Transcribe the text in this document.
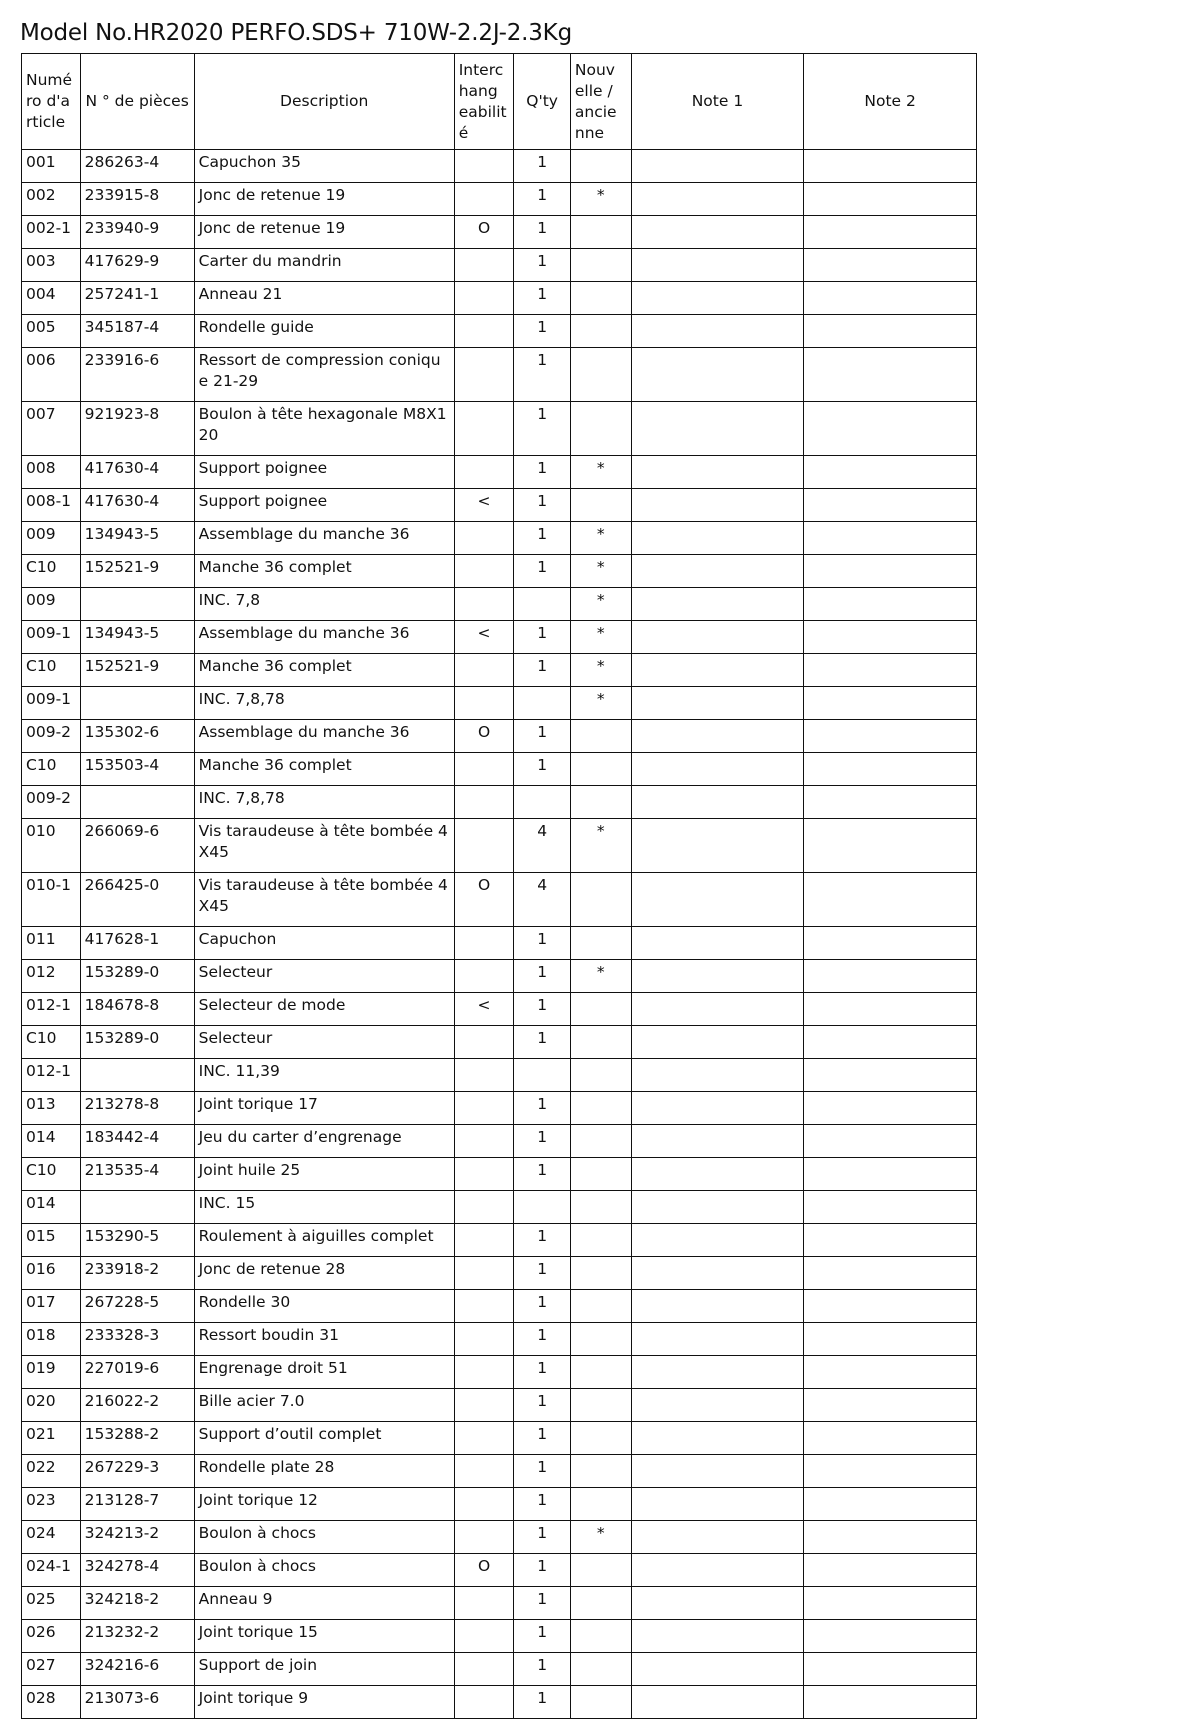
Model No.HR2020 PERFO.SDS+ 710W-2.2J-2.3Kg
Numé ro d'a rticle	N ° de pièces	Description	Interc hang eabilit é	Q'ty	Nouv elle / ancie nne	Note 1	Note 2
001	286263-4	Capuchon 35		1			
002	233915-8	Jonc de retenue 19		1	*		
002-1	233940-9	Jonc de retenue 19	O	1			
003	417629-9	Carter du mandrin		1			
004	257241-1	Anneau 21		1			
005	345187-4	Rondelle guide		1			
006	233916-6	Ressort de compression conique 21-29		1			
007	921923-8	Boulon à tête hexagonale M8X120		1			
008	417630-4	Support poignee		1	*		
008-1	417630-4	Support poignee	<	1			
009	134943-5	Assemblage du manche 36		1	*		
C10	152521-9	Manche 36 complet		1	*		
009		INC. 7,8			*		
009-1	134943-5	Assemblage du manche 36	<	1	*		
C10	152521-9	Manche 36 complet		1	*		
009-1		INC. 7,8,78			*		
009-2	135302-6	Assemblage du manche 36	O	1			
C10	153503-4	Manche 36 complet		1			
009-2		INC. 7,8,78					
010	266069-6	Vis taraudeuse à tête bombée 4X45		4	*		
010-1	266425-0	Vis taraudeuse à tête bombée 4X45	O	4			
011	417628-1	Capuchon		1			
012	153289-0	Selecteur		1	*		
012-1	184678-8	Selecteur de mode	<	1			
C10	153289-0	Selecteur		1			
012-1		INC. 11,39					
013	213278-8	Joint torique 17		1			
014	183442-4	Jeu du carter d’engrenage		1			
C10	213535-4	Joint huile 25		1			
014		INC. 15					
015	153290-5	Roulement à aiguilles complet		1			
016	233918-2	Jonc de retenue 28		1			
017	267228-5	Rondelle 30		1			
018	233328-3	Ressort boudin 31		1			
019	227019-6	Engrenage droit 51		1			
020	216022-2	Bille acier 7.0		1			
021	153288-2	Support d’outil complet		1			
022	267229-3	Rondelle plate 28		1			
023	213128-7	Joint torique 12		1			
024	324213-2	Boulon à chocs		1	*		
024-1	324278-4	Boulon à chocs	O	1			
025	324218-2	Anneau 9		1			
026	213232-2	Joint torique 15		1			
027	324216-6	Support de join		1			
028	213073-6	Joint torique 9		1			
